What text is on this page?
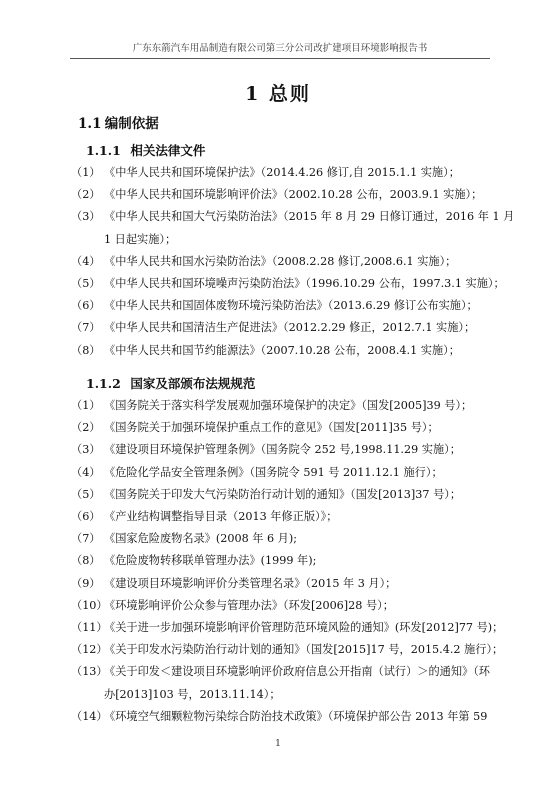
广东东箭汽车用品制造有限公司第三分公司改扩建项目环境影响报告书
1 总则
1.1 编制依据
1.1.1 相关法律文件
（1） 《中华人民共和国环境保护法》（2014.4.26 修订,自 2015.1.1 实施）；
（2） 《中华人民共和国环境影响评价法》（2002.10.28 公布，2003.9.1 实施）；
（3） 《中华人民共和国大气污染防治法》（2015 年 8 月 29 日修订通过，2016 年 1 月
1 日起实施）；
（4） 《中华人民共和国水污染防治法》（2008.2.28 修订,2008.6.1 实施）；
（5） 《中华人民共和国环境噪声污染防治法》（1996.10.29 公布，1997.3.1 实施）；
（6） 《中华人民共和国固体废物环境污染防治法》（2013.6.29 修订公布实施）；
（7） 《中华人民共和国清洁生产促进法》（2012.2.29 修正，2012.7.1 实施）；
（8） 《中华人民共和国节约能源法》（2007.10.28 公布，2008.4.1 实施）；
1.1.2 国家及部颁布法规规范
（1） 《国务院关于落实科学发展观加强环境保护的决定》（国发[2005]39 号）；
（2） 《国务院关于加强环境保护重点工作的意见》（国发[2011]35 号）；
（3） 《建设项目环境保护管理条例》（国务院令 252 号,1998.11.29 实施）；
（4） 《危险化学品安全管理条例》（国务院令 591 号 2011.12.1 施行）；
（5） 《国务院关于印发大气污染防治行动计划的通知》（国发[2013]37 号）；
（6） 《产业结构调整指导目录（2013 年修正版）》；
（7） 《国家危险废物名录》(2008 年 6 月);
（8） 《危险废物转移联单管理办法》(1999 年);
（9） 《建设项目环境影响评价分类管理名录》（2015 年 3 月）；
（10）《环境影响评价公众参与管理办法》（环发[2006]28 号）；
（11）《关于进一步加强环境影响评价管理防范环境风险的通知》(环发[2012]77 号)；
（12）《关于印发水污染防治行动计划的通知》（国发[2015]17 号，2015.4.2 施行）；
（13）《关于印发＜建设项目环境影响评价政府信息公开指南（试行）＞的通知》（环
办[2013]103 号，2013.11.14）；
（14）《环境空气细颗粒物污染综合防治技术政策》（环境保护部公告 2013 年第 59
1
